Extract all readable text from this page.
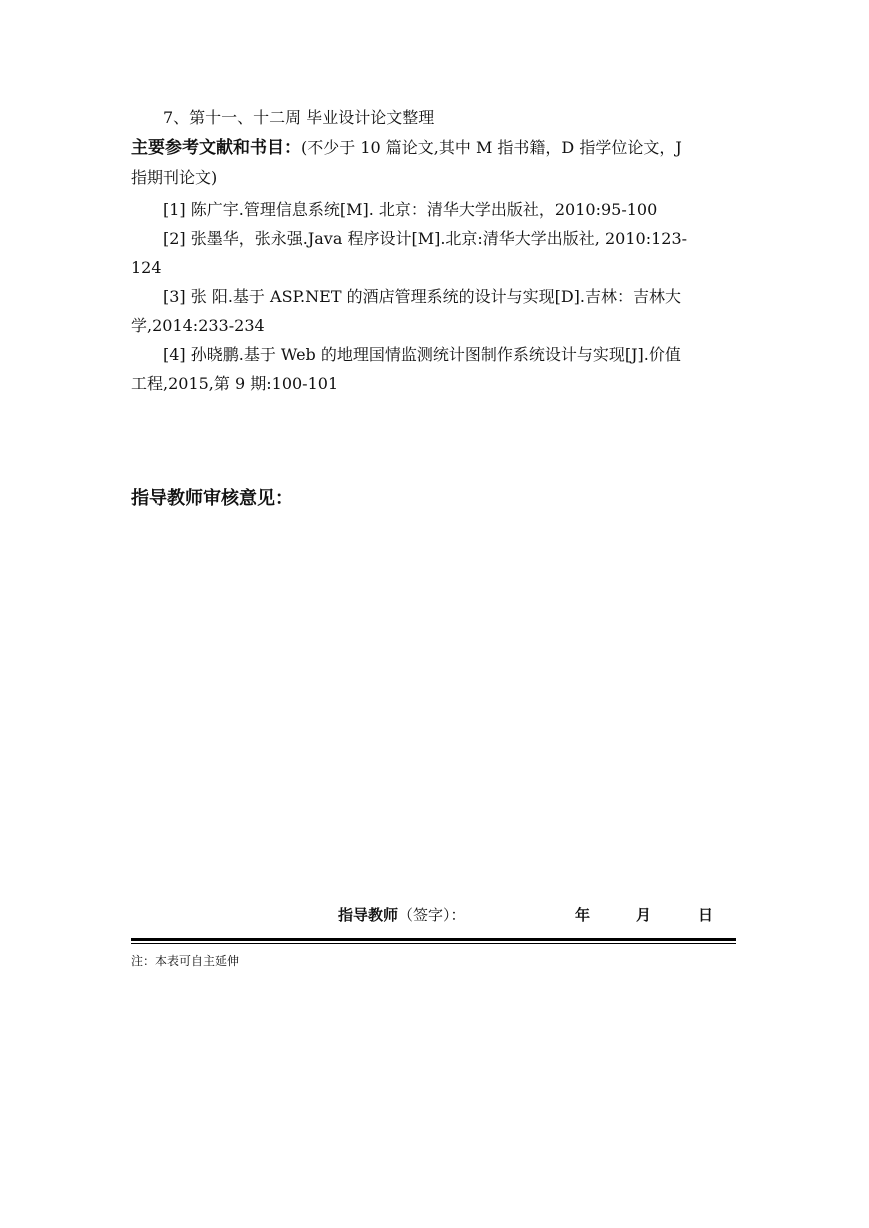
7、第十一、十二周 毕业设计论文整理
主要参考文献和书目：(不少于 10 篇论文,其中 M 指书籍，D 指学位论文，J
指期刊论文)
[1] 陈广宇.管理信息系统[M]. 北京：清华大学出版社，2010:95-100
[2] 张墨华，张永强.Java 程序设计[M].北京:清华大学出版社, 2010:123-
124
[3] 张 阳.基于 ASP.NET 的酒店管理系统的设计与实现[D].吉林：吉林大
学,2014:233-234
[4] 孙晓鹏.基于 Web 的地理国情监测统计图制作系统设计与实现[J].价值
工程,2015,第 9 期:100-101
指导教师审核意见：
指导教师（签字）：	年	月	日
注：本表可自主延伸
